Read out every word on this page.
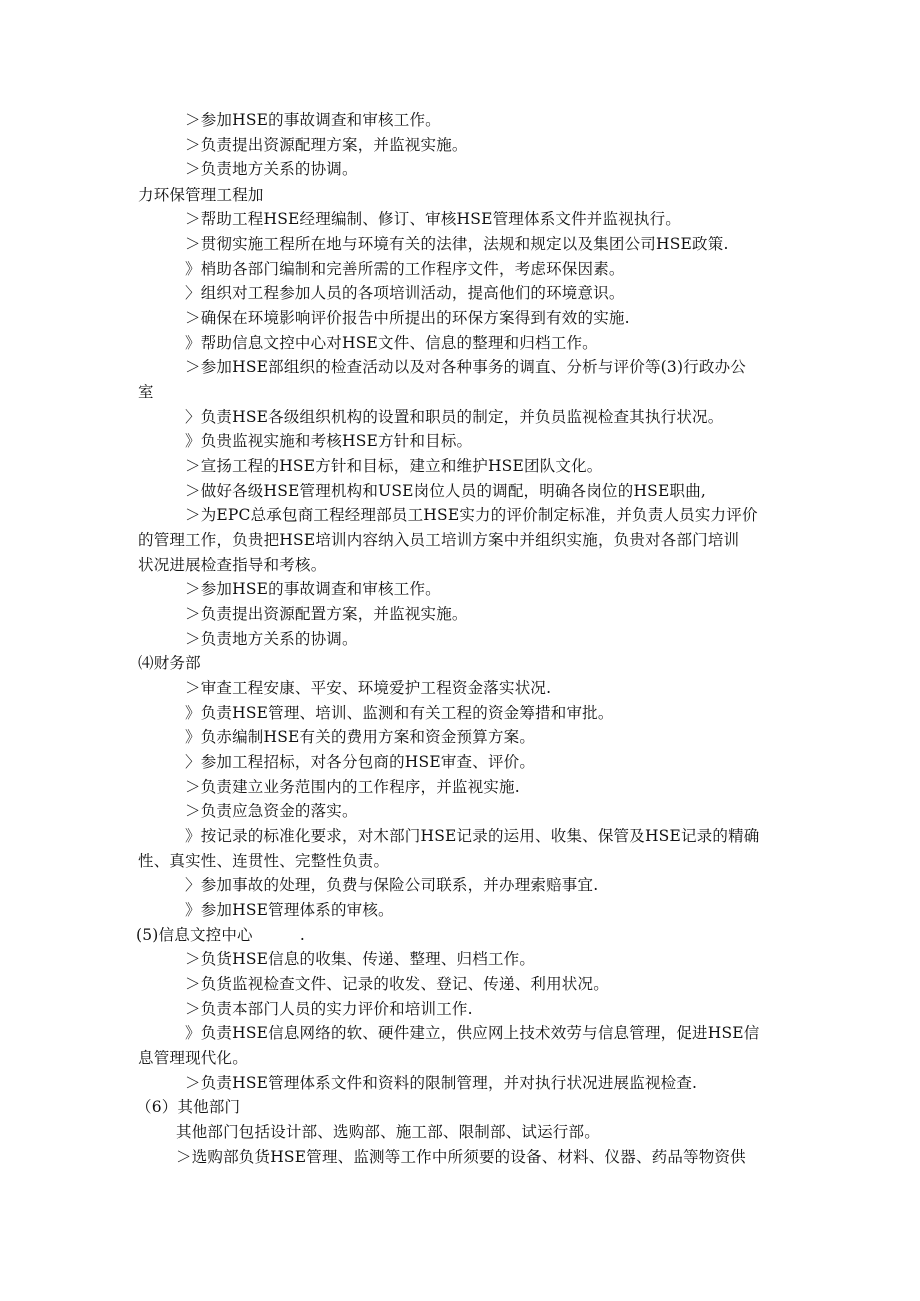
＞参加HSE的事故调查和审核工作。

＞负责提出资源配理方案，并监视实施。

＞负责地方关系的协调。

力环保管理工程加

＞帮助工程HSE经理编制、修订、审核HSE管理体系文件并监视执行。

＞贯彻实施工程所在地与环境有关的法律，法规和规定以及集团公司HSE政策.

》梢助各部门编制和完善所需的工作程序文件，考虑环保因素。

〉组织对工程参加人员的各项培训活动，提高他们的环境意识。

＞确保在环境影响评价报告中所提出的环保方案得到有效的实施.

》帮助信息文控中心对HSE文件、信息的整理和归档工作。

＞参加HSE部组织的检查活动以及对各种事务的调直、分析与评价等(3)行政办公

室

〉负责HSE各级组织机构的设置和职员的制定，并负员监视检查其执行状况。

》负贵监视实施和考核HSE方针和目标。

＞宣扬工程的HSE方针和目标，建立和维护HSE团队文化。

＞做好各级HSE管理机构和USE岗位人员的调配，明确各岗位的HSE职曲,

＞为EPC总承包商工程经理部员工HSE实力的评价制定标准，并负责人员实力评价

的管理工作，负贵把HSE培训内容纳入员工培训方案中并组织实施，负贵对各部门培训

状况进展检查指导和考核。

＞参加HSE的事故调查和审核工作。

＞负责提出资源配置方案，并监视实施。

＞负责地方关系的协调。

⑷财务部

＞审查工程安康、平安、环境爱护工程资金落实状况.

》负责HSE管理、培训、监测和有关工程的资金筹措和审批。

》负赤编制HSE有关的费用方案和资金预算方案。

〉参加工程招标，对各分包商的HSE审查、评价。

＞负责建立业务范围内的工作程序，并监视实施.

＞负责应急资金的落实。

》按记录的标准化要求，对木部门HSE记录的运用、收集、保管及HSE记录的精确

性、真实性、连贯性、完整性负责。

〉参加事故的处理，负费与保险公司联系，并办理索赔事宜.

》参加HSE管理体系的审核。

(5)信息文控中心　　　.

＞负货HSE信息的收集、传递、整理、归档工作。

＞负货监视检查文件、记录的收发、登记、传递、利用状况。

＞负责本部门人员的实力评价和培训工作.

》负责HSE信息网络的软、硬件建立，供应网上技术效劳与信息管理，促进HSE信

息管理现代化。

＞负责HSE管理体系文件和资料的限制管理，并对执行状况进展监视检查.

（6）其他部门

其他部门包括设计部、选购部、施工部、限制部、试运行部。

＞选购部负货HSE管理、监测等工作中所须要的设备、材料、仪器、药品等物资供
